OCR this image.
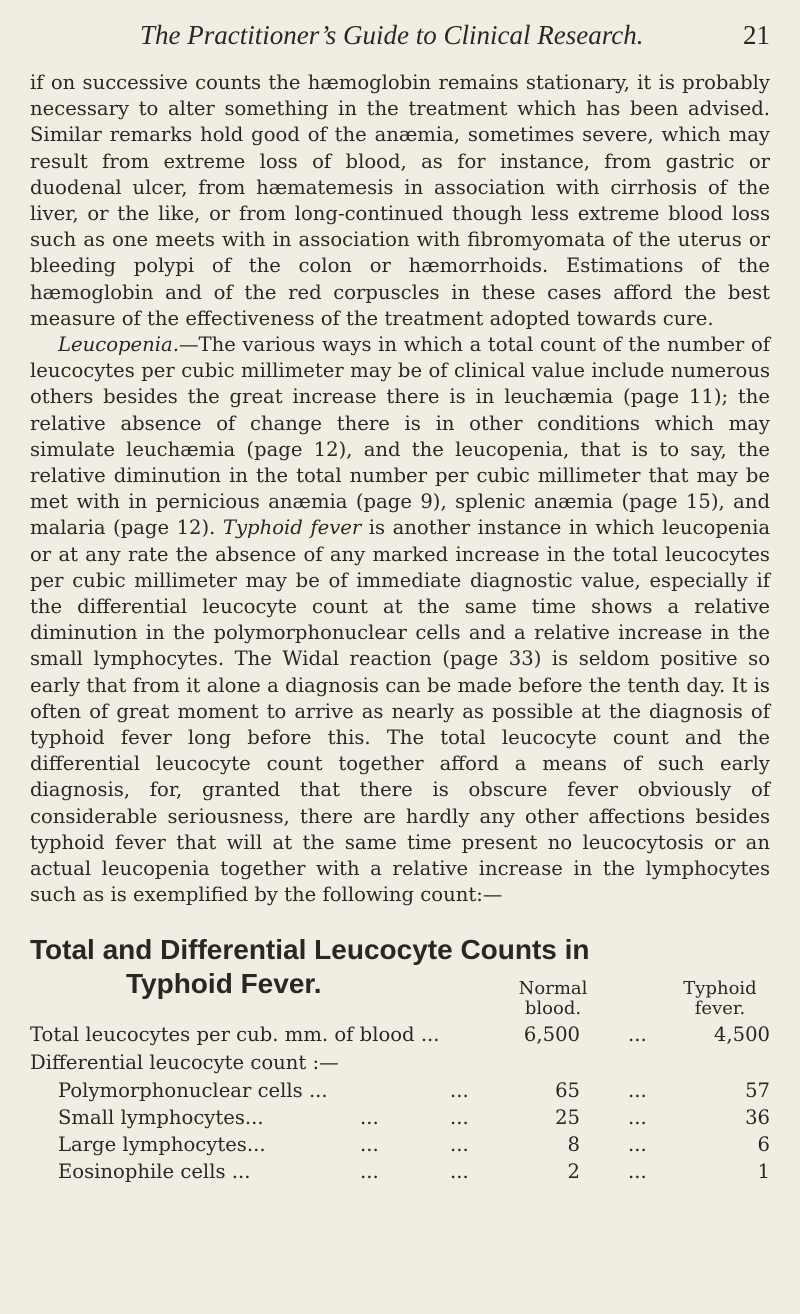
The Practitioner’s Guide to Clinical Research.	21

if on successive counts the hæmoglobin remains stationary, it is probably necessary to alter something in the treatment which has been advised. Similar remarks hold good of the anæmia, sometimes severe, which may result from extreme loss of blood, as for instance, from gastric or duodenal ulcer, from hæmatemesis in association with cirrhosis of the liver, or the like, or from long-continued though less extreme blood loss such as one meets with in association with fibromyomata of the uterus or bleeding polypi of the colon or hæmorrhoids. Estimations of the hæmoglobin and of the red corpuscles in these cases afford the best measure of the effectiveness of the treatment adopted towards cure.

Leucopenia.—The various ways in which a total count of the number of leucocytes per cubic millimeter may be of clinical value include numerous others besides the great increase there is in leuchæmia (page 11); the relative absence of change there is in other conditions which may simulate leuchæmia (page 12), and the leucopenia, that is to say, the relative diminution in the total number per cubic millimeter that may be met with in pernicious anæmia (page 9), splenic anæmia (page 15), and malaria (page 12). Typhoid fever is another instance in which leucopenia or at any rate the absence of any marked increase in the total leucocytes per cubic millimeter may be of immediate diagnostic value, especially if the differential leucocyte count at the same time shows a relative diminution in the polymorphonuclear cells and a relative increase in the small lymphocytes. The Widal reaction (page 33) is seldom positive so early that from it alone a diagnosis can be made before the tenth day. It is often of great moment to arrive as nearly as possible at the diagnosis of typhoid fever long before this. The total leucocyte count and the differential leucocyte count together afford a means of such early diagnosis, for, granted that there is obscure fever obviously of considerable seriousness, there are hardly any other affections besides typhoid fever that will at the same time present no leucocytosis or an actual leucopenia together with a relative increase in the lymphocytes such as is exemplified by the following count:—

Total and Differential Leucocyte Counts in
Typhoid Fever.	Normal
blood.
Typhoid
fever.
Total leucocytes per cub. mm. of blood ...	6,500 ...	4,500
Differential leucocyte count :—
Polymorphonuclear cells ...	...	65 ...	57
Small lymphocytes...	...	...	25 ...	36
Large lymphocytes...	...	...	8 ...	6
Eosinophile cells ...	...	...	2 ...	1
